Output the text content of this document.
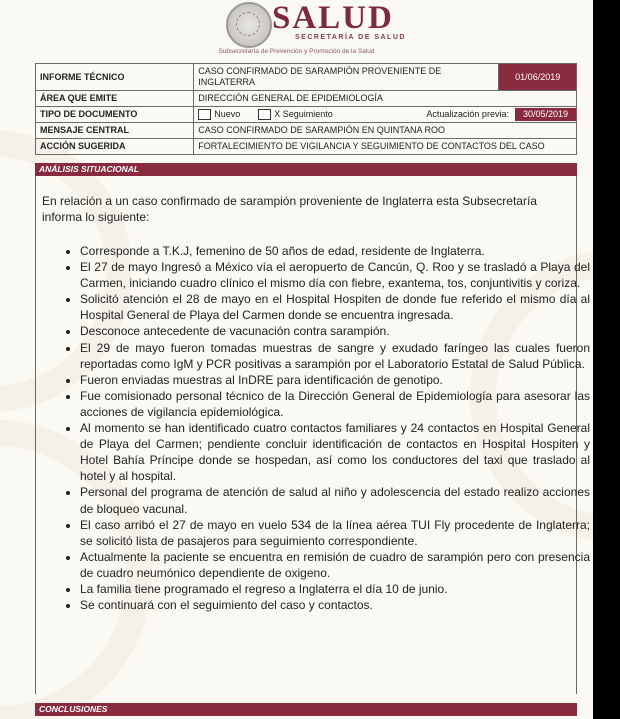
SALUD
SECRETARÍA DE SALUD
Subsecretaría de Prevención y Promoción de la Salud
INFORME TÉCNICO	CASO CONFIRMADO DE SARAMPIÓN PROVENIENTE DE INGLATERRA	01/06/2019
ÁREA QUE EMITE	DIRECCIÓN GENERAL DE EPIDEMIOLOGÍA	
TIPO DE DOCUMENTO	Nuevo X Seguimiento Actualización previa: 30/05/2019	

MENSAJE CENTRAL	CASO CONFIRMADO DE SARAMPIÓN EN QUINTANA ROO	
ACCIÓN SUGERIDA	FORTALECIMIENTO DE VIGILANCIA Y SEGUIMIENTO DE CONTACTOS DEL CASO	
ANÁLISIS SITUACIONAL

En relación a un caso confirmado de sarampión proveniente de Inglaterra esta Subsecretaría informa lo siguiente:

• Corresponde a T.K.J, femenino de 50 años de edad, residente de Inglaterra.
• El 27 de mayo Ingresó a México vía el aeropuerto de Cancún, Q. Roo y se trasladó a Playa del Carmen, iniciando cuadro clínico el mismo día con fiebre, exantema, tos, conjuntivitis y coriza.
• Solicitó atención el 28 de mayo en el Hospital Hospiten de donde fue referido el mismo día al Hospital General de Playa del Carmen donde se encuentra ingresada.
• Desconoce antecedente de vacunación contra sarampión.
• El 29 de mayo fueron tomadas muestras de sangre y exudado faríngeo las cuales fueron reportadas como IgM y PCR positivas a sarampión por el Laboratorio Estatal de Salud Pública.
• Fueron enviadas muestras al InDRE para identificación de genotipo.
• Fue comisionado personal técnico de la Dirección General de Epidemiología para asesorar las acciones de vigilancia epidemiológica.
• Al momento se han identificado cuatro contactos familiares y 24 contactos en Hospital General de Playa del Carmen; pendiente concluir identificación de contactos en Hospital Hospiten y Hotel Bahía Príncipe donde se hospedan, así como los conductores del taxi que traslado al hotel y al hospital.
• Personal del programa de atención de salud al niño y adolescencia del estado realizo acciones de bloqueo vacunal.
• El caso arribó el 27 de mayo en vuelo 534 de la línea aérea TUI Fly procedente de Inglaterra; se solicitó lista de pasajeros para seguimiento correspondiente.
• Actualmente la paciente se encuentra en remisión de cuadro de sarampión pero con presencia de cuadro neumónico dependiente de oxigeno.
• La familia tiene programado el regreso a Inglaterra el día 10 de junio.
• Se continuará con el seguimiento del caso y contactos.
CONCLUSIONES
